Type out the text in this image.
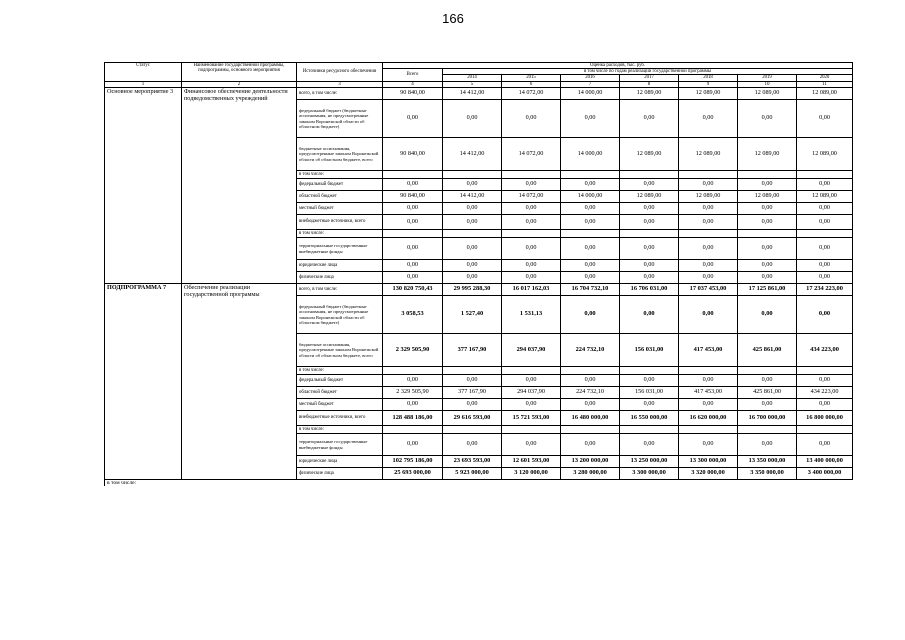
166
Статус	Наименование государственной программы, подпрограммы, основного мероприятия	Источники ресурсного обеспечения	Оценка расходов, тыс. руб.							
			Всего	в том числе по годам реализации государственной программы						
				2014	2015	2016	2017	2018	2019	2020
1	2	3	4	5	6	7	8	9	10	11
Основное мероприятие 3	Финансовое обеспечение деятельности подведомственных учреждений	всего, в том числе:	90 840,00	14 412,00	14 072,00	14 000,00	12 089,00	12 089,00	12 089,00	12 089,00
		федеральный бюджет (бюджетные ассигнования, не предусмотренные законом Воронежской области об областном бюджете)	0,00	0,00	0,00	0,00	0,00	0,00	0,00	0,00
		бюджетные ассигнования, предусмотренные законом Воронежской области об областном бюджете, всего	90 840,00	14 412,00	14 072,00	14 000,00	12 089,00	12 089,00	12 089,00	12 089,00
		в том числе:								
		федеральный бюджет	0,00	0,00	0,00	0,00	0,00	0,00	0,00	0,00
		областной бюджет	90 840,00	14 412,00	14 072,00	14 000,00	12 089,00	12 089,00	12 089,00	12 089,00
		местный бюджет	0,00	0,00	0,00	0,00	0,00	0,00	0,00	0,00
		внебюджетные источники, всего	0,00	0,00	0,00	0,00	0,00	0,00	0,00	0,00
		в том числе:								
		территориальные государственные внебюджетные фонды	0,00	0,00	0,00	0,00	0,00	0,00	0,00	0,00
		юридические лица	0,00	0,00	0,00	0,00	0,00	0,00	0,00	0,00
		физические лица	0,00	0,00	0,00	0,00	0,00	0,00	0,00	0,00
ПОДПРОГРАММА 7	Обеспечение реализации государственной программы	всего, в том числе:	130 820 750,43	29 995 288,30	16 017 162,03	16 704 732,10	16 706 031,00	17 037 453,00	17 125 861,00	17 234 223,00
		федеральный бюджет (бюджетные ассигнования, не предусмотренные законом Воронежской области об областном бюджете)	3 058,53	1 527,40	1 531,13	0,00	0,00	0,00	0,00	0,00
		бюджетные ассигнования, предусмотренные законом Воронежской области об областном бюджете, всего	2 329 505,90	377 167,90	294 037,90	224 732,10	156 031,00	417 453,00	425 861,00	434 223,00
		в том числе:								
		федеральный бюджет	0,00	0,00	0,00	0,00	0,00	0,00	0,00	0,00
		областной бюджет	2 329 505,90	377 167,90	294 037,90	224 732,10	156 031,00	417 453,00	425 861,00	434 223,00
		местный бюджет	0,00	0,00	0,00	0,00	0,00	0,00	0,00	0,00
		внебюджетные источники, всего	128 488 186,00	29 616 593,00	15 721 593,00	16 480 000,00	16 550 000,00	16 620 000,00	16 700 000,00	16 800 000,00
		в том числе:								
		территориальные государственные внебюджетные фонды	0,00	0,00	0,00	0,00	0,00	0,00	0,00	0,00
		юридические лица	102 795 186,00	23 693 593,00	12 601 593,00	13 200 000,00	13 250 000,00	13 300 000,00	13 350 000,00	13 400 000,00
		физические лица	25 693 000,00	5 923 000,00	3 120 000,00	3 280 000,00	3 300 000,00	3 320 000,00	3 350 000,00	3 400 000,00
в том числе:										
